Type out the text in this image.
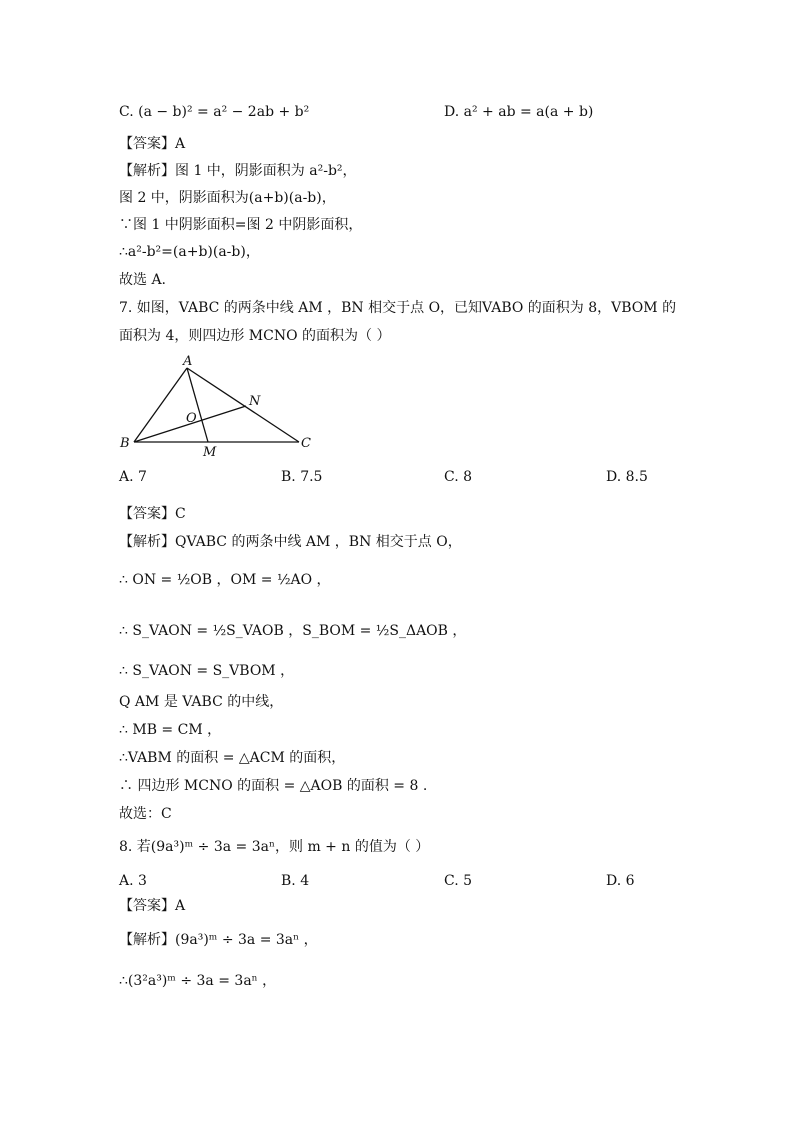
C. (a − b)² = a² − 2ab + b²	D. a² + ab = a(a + b)
【答案】A
【解析】图 1 中，阴影面积为 a²-b²，
图 2 中，阴影面积为(a+b)(a-b)，
∵图 1 中阴影面积=图 2 中阴影面积，
∴a²-b²=(a+b)(a-b)，
故选 A.
7. 如图，VABC 的两条中线 AM ，BN 相交于点 O，已知VABO 的面积为 8，VBOM 的
面积为 4，则四边形 MCNO 的面积为（ ）
A
B	C
M
N
O
A. 7	B. 7.5	C. 8	D. 8.5
【答案】C
【解析】QVABC 的两条中线 AM ，BN 相交于点 O，
∴ ON = ½OB ，OM = ½AO ，
∴ S_VAON = ½S_VAOB ，S_BOM = ½S_ΔAOB ，
∴ S_VAON = S_VBOM ，
Q AM 是 VABC 的中线，
∴ MB = CM ，
∴VABM 的面积 = △ACM 的面积，
∴ 四边形 MCNO 的面积 = △AOB 的面积 = 8 .
故选：C
8. 若(9a³)ᵐ ÷ 3a = 3aⁿ，则 m + n 的值为（ ）
A. 3	B. 4	C. 5	D. 6
【答案】A
【解析】(9a³)ᵐ ÷ 3a = 3aⁿ ，
∴(3²a³)ᵐ ÷ 3a = 3aⁿ ，
